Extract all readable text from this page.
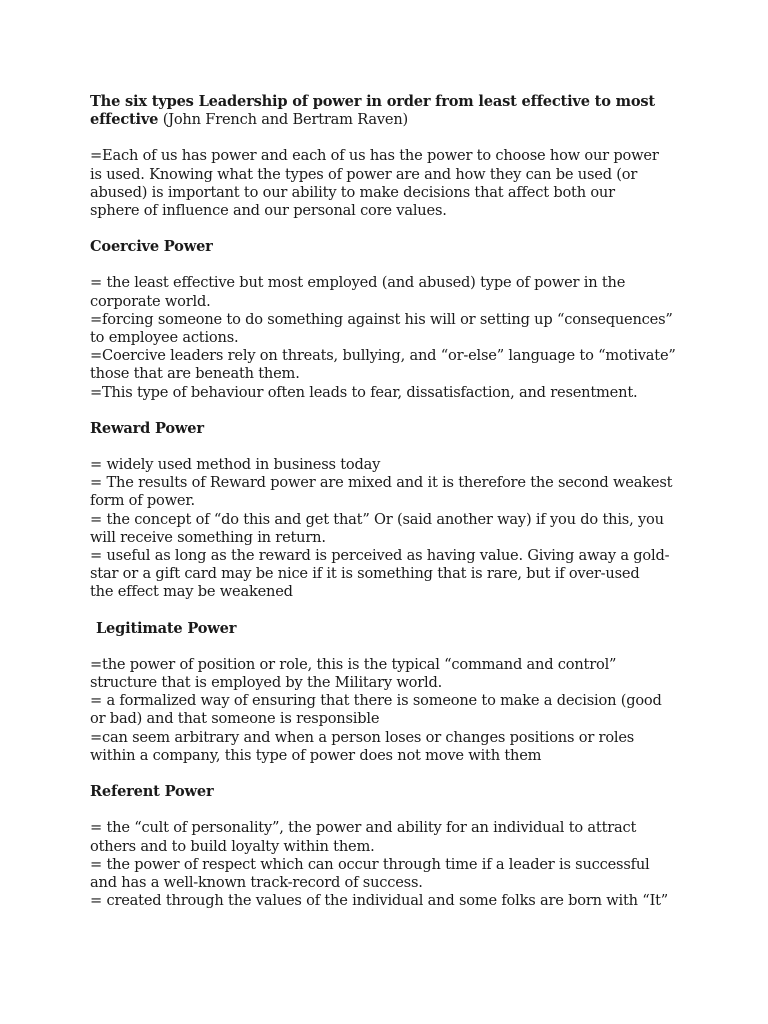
The six types Leadership of power in order from least effective to most
effective (John French and Bertram Raven)
=Each of us has power and each of us has the power to choose how our power
is used. Knowing what the types of power are and how they can be used (or
abused) is important to our ability to make decisions that affect both our
sphere of influence and our personal core values.
Coercive Power
= the least effective but most employed (and abused) type of power in the
corporate world.
=forcing someone to do something against his will or setting up “consequences”
to employee actions.
=Coercive leaders rely on threats, bullying, and “or-else” language to “motivate”
those that are beneath them.
=This type of behaviour often leads to fear, dissatisfaction, and resentment.
Reward Power
= widely used method in business today
= The results of Reward power are mixed and it is therefore the second weakest
form of power.
= the concept of “do this and get that” Or (said another way) if you do this, you
will receive something in return.
= useful as long as the reward is perceived as having value. Giving away a gold-
star or a gift card may be nice if it is something that is rare, but if over-used
the effect may be weakened
Legitimate Power
=the power of position or role, this is the typical “command and control”
structure that is employed by the Military world.
= a formalized way of ensuring that there is someone to make a decision (good
or bad) and that someone is responsible
=can seem arbitrary and when a person loses or changes positions or roles
within a company, this type of power does not move with them
Referent Power
= the “cult of personality”, the power and ability for an individual to attract
others and to build loyalty within them.
= the power of respect which can occur through time if a leader is successful
and has a well-known track-record of success.
= created through the values of the individual and some folks are born with “It”
